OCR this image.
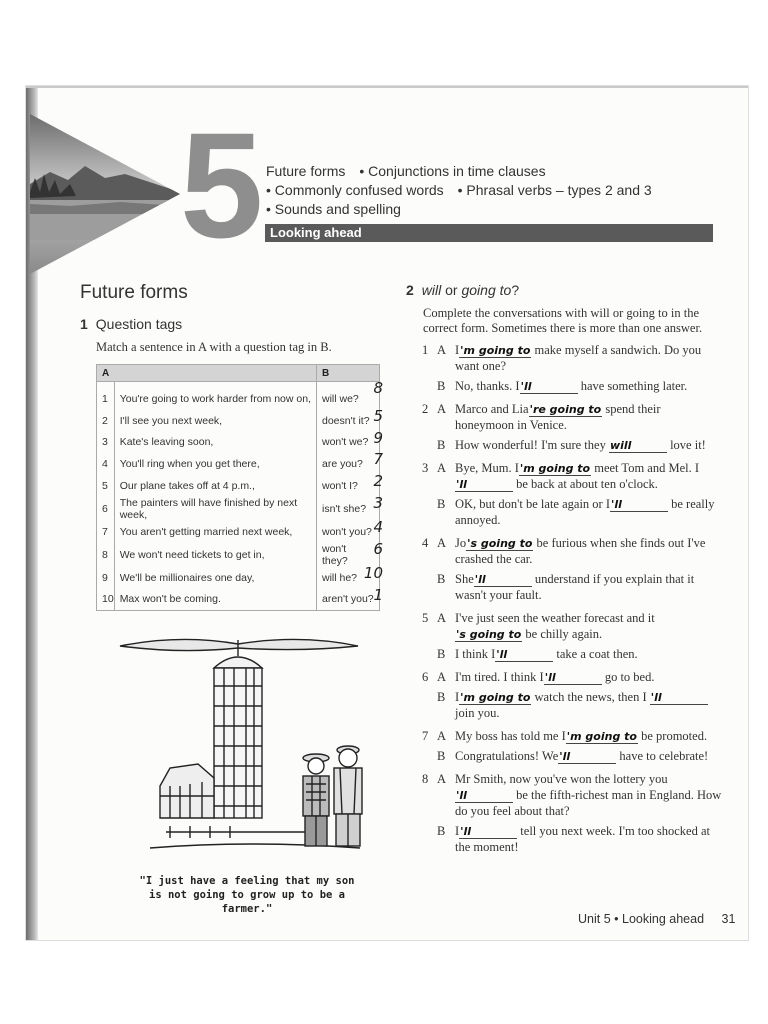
5 Future forms • Conjunctions in time clauses
• Commonly confused words • Phrasal verbs – types 2 and 3
• Sounds and spelling
Looking ahead
Future forms
1 Question tags
Match a sentence in A with a question tag in B.
A		B
1	You're going to work harder from now on,	will we?
8

2	I'll see you next week,	doesn't it? 5

3	Kate's leaving soon,	won't we? 9

4	You'll ring when you get there,	are you? 7

5	Our plane takes off at 4 p.m.,	won't I? 2

6	The painters will have finished by next week,	isn't she? 3

7	You aren't getting married next week,	won't you? 4

8	We won't need tickets to get in,	won't they?
6

9	We'll be millionaires one day,	will he? 10

10	Max won't be coming.	aren't you? 1
"I just have a feeling that my son
is not going to grow up to be a farmer."
2 will or going to?
Complete the conversations with will or going to in the correct form. Sometimes there is more than one answer.
1 A I'm going to make myself a sandwich. Do you want one?
B No, thanks. I'll	have something later.
2 A Marco and Lia're going to spend their honeymoon in Venice.
B How wonderful! I'm sure they will	love it!
3 A Bye, Mum. I'm going to meet Tom and Mel. I'll	be back at about ten o'clock.
B OK, but don't be late again or I'll	be really annoyed.
4 A Jo's going to be furious when she finds out I've crashed the car.
B She'll	understand if you explain that it wasn't your fault.
5 A I've just seen the weather forecast and it 's going to be chilly again.
B I think I'll	take a coat then.
6 A I'm tired. I think I'll	go to bed.
B I'm going to watch the news, then I 'll join you.
7 A My boss has told me I'm going to be promoted.
B Congratulations! We'll	have to celebrate!
8 A Mr Smith, now you've won the lottery you 'll	be the fifth-richest man in England. How do you feel about that?
B I'll	tell you next week. I'm too shocked at the moment!
Unit 5 • Looking ahead 31
